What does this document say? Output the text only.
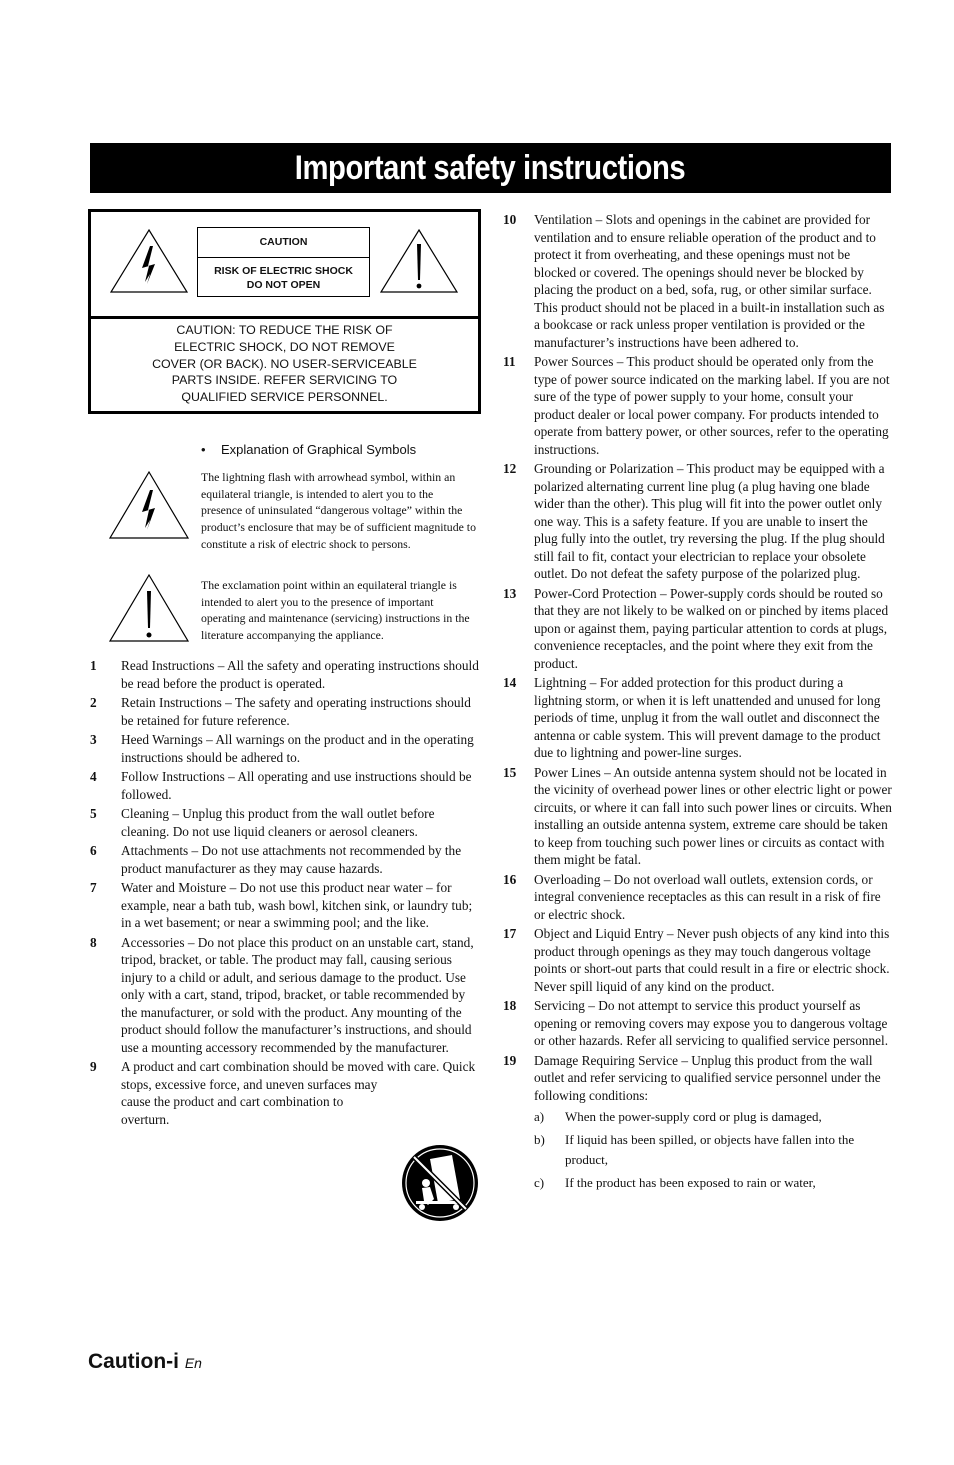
Important safety instructions
CAUTION
RISK OF ELECTRIC SHOCK
DO NOT OPEN
CAUTION: TO REDUCE THE RISK OF
ELECTRIC SHOCK, DO NOT REMOVE
COVER (OR BACK). NO USER-SERVICEABLE
PARTS INSIDE. REFER SERVICING TO
QUALIFIED SERVICE PERSONNEL.
• Explanation of Graphical Symbols
The lightning flash with arrowhead symbol, within an equilateral triangle, is intended to alert you to the presence of uninsulated “dangerous voltage” within the product’s enclosure that may be of sufficient magnitude to constitute a risk of electric shock to persons.
The exclamation point within an equilateral triangle is intended to alert you to the presence of important operating and maintenance (servicing) instructions in the literature accompanying the appliance.
1 Read Instructions – All the safety and operating instructions should be read before the product is operated.
2 Retain Instructions – The safety and operating instructions should be retained for future reference.
3 Heed Warnings – All warnings on the product and in the operating instructions should be adhered to.
4 Follow Instructions – All operating and use instructions should be followed.
5 Cleaning – Unplug this product from the wall outlet before cleaning. Do not use liquid cleaners or aerosol cleaners.
6 Attachments – Do not use attachments not recommended by the product manufacturer as they may cause hazards.
7 Water and Moisture – Do not use this product near water – for example, near a bath tub, wash bowl, kitchen sink, or laundry tub; in a wet basement; or near a swimming pool; and the like.
8 Accessories – Do not place this product on an unstable cart, stand, tripod, bracket, or table. The product may fall, causing serious injury to a child or adult, and serious damage to the product. Use only with a cart, stand, tripod, bracket, or table recommended by the manufacturer, or sold with the product. Any mounting of the product should follow the manufacturer’s instructions, and should use a mounting accessory recommended by the manufacturer.
9 A product and cart combination should be moved with care. Quick stops, excessive force, and uneven surfaces may
cause the product and cart combination to
overturn.
10 Ventilation – Slots and openings in the cabinet are provided for ventilation and to ensure reliable operation of the product and to protect it from overheating, and these openings must not be blocked or covered. The openings should never be blocked by placing the product on a bed, sofa, rug, or other similar surface. This product should not be placed in a built-in installation such as a bookcase or rack unless proper ventilation is provided or the manufacturer’s instructions have been adhered to.
11 Power Sources – This product should be operated only from the type of power source indicated on the marking label. If you are not sure of the type of power supply to your home, consult your product dealer or local power company. For products intended to operate from battery power, or other sources, refer to the operating instructions.
12 Grounding or Polarization – This product may be equipped with a polarized alternating current line plug (a plug having one blade wider than the other). This plug will fit into the power outlet only one way. This is a safety feature. If you are unable to insert the plug fully into the outlet, try reversing the plug. If the plug should still fail to fit, contact your electrician to replace your obsolete outlet. Do not defeat the safety purpose of the polarized plug.
13 Power-Cord Protection – Power-supply cords should be routed so that they are not likely to be walked on or pinched by items placed upon or against them, paying particular attention to cords at plugs, convenience receptacles, and the point where they exit from the product.
14 Lightning – For added protection for this product during a lightning storm, or when it is left unattended and unused for long periods of time, unplug it from the wall outlet and disconnect the antenna or cable system. This will prevent damage to the product due to lightning and power-line surges.
15 Power Lines – An outside antenna system should not be located in the vicinity of overhead power lines or other electric light or power circuits, or where it can fall into such power lines or circuits. When installing an outside antenna system, extreme care should be taken to keep from touching such power lines or circuits as contact with them might be fatal.
16 Overloading – Do not overload wall outlets, extension cords, or integral convenience receptacles as this can result in a risk of fire or electric shock.
17 Object and Liquid Entry – Never push objects of any kind into this product through openings as they may touch dangerous voltage points or short-out parts that could result in a fire or electric shock. Never spill liquid of any kind on the product.
18 Servicing – Do not attempt to service this product yourself as opening or removing covers may expose you to dangerous voltage or other hazards. Refer all servicing to qualified service personnel.
19 Damage Requiring Service – Unplug this product from the wall outlet and refer servicing to qualified service personnel under the following conditions:
a) When the power-supply cord or plug is damaged,
b) If liquid has been spilled, or objects have fallen into the product,
c) If the product has been exposed to rain or water,
Caution-i En
